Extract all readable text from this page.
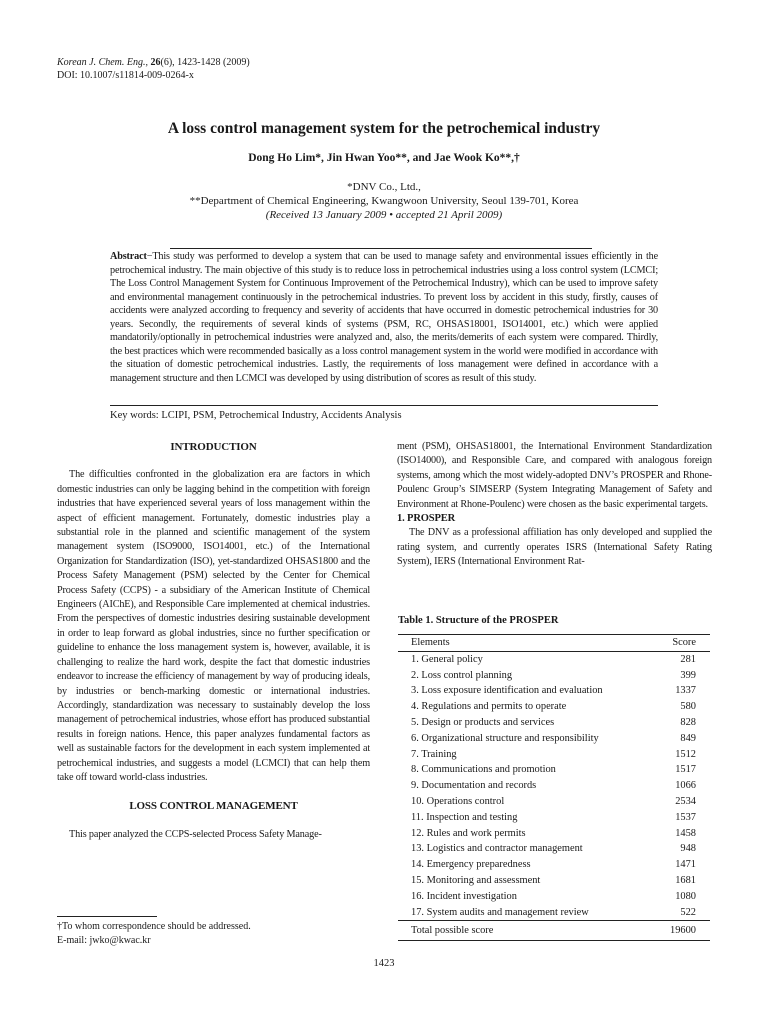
Korean J. Chem. Eng., 26(6), 1423-1428 (2009)
DOI: 10.1007/s11814-009-0264-x
A loss control management system for the petrochemical industry
Dong Ho Lim*, Jin Hwan Yoo**, and Jae Wook Ko**,†
*DNV Co., Ltd.,
**Department of Chemical Engineering, Kwangwoon University, Seoul 139-701, Korea
(Received 13 January 2009 • accepted 21 April 2009)
Abstract−This study was performed to develop a system that can be used to manage safety and environmental issues efficiently in the petrochemical industry. The main objective of this study is to reduce loss in petrochemical industries using a loss control system (LCMCI; The Loss Control Management System for Continuous Improvement of the Petrochemical Industry), which can be used to improve safety and environmental management continuously in the petrochemical industries. To prevent loss by accident in this study, firstly, causes of accidents were analyzed according to frequency and severity of accidents that have occurred in domestic petrochemical industries for 30 years. Secondly, the requirements of several kinds of systems (PSM, RC, OHSAS18001, ISO14001, etc.) which were applied mandatorily/optionally in petrochemical industries were analyzed and, also, the merits/demerits of each system were compared. Thirdly, the best practices which were recommended basically as a loss control management system in the world were modified in accordance with the situation of domestic petrochemical industries. Lastly, the requirements of loss management were defined in accordance with a management structure and then LCMCI was developed by using distribution of scores as result of this study.
Key words: LCIPI, PSM, Petrochemical Industry, Accidents Analysis
INTRODUCTION

The difficulties confronted in the globalization era are factors in which domestic industries can only be lagging behind in the competition with foreign industries that have experienced several years of loss management within the aspect of efficient management. Fortunately, domestic industries play a substantial role in the planned and scientific management of the system management system (ISO9000, ISO14001, etc.) of the International Organization for Standardization (ISO), yet-standardized OHSAS1800 and the Process Safety Management (PSM) selected by the Center for Chemical Process Safety (CCPS) - a subsidiary of the American Institute of Chemical Engineers (AIChE), and Responsible Care implemented at chemical industries. From the perspectives of domestic industries desiring sustainable development in order to leap forward as global industries, since no further specification or guideline to enhance the loss management system is, however, available, it is challenging to realize the hard work, despite the fact that domestic industries endeavor to increase the efficiency of management by way of producing ideals, by industries or bench-marking domestic or international industries. Accordingly, standardization was necessary to sustainably develop the loss management of petrochemical industries, whose effort has produced substantial results in foreign nations. Hence, this paper analyzes fundamental factors as well as sustainable factors for the development in each system implemented at petrochemical industries, and suggests a model (LCMCI) that can help them take off toward world-class industries.

LOSS CONTROL MANAGEMENT

This paper analyzed the CCPS-selected Process Safety Manage-

†To whom correspondence should be addressed.
E-mail: jwko@kwac.kr

ment (PSM), OHSAS18001, the International Environment Standardization (ISO14000), and Responsible Care, and compared with analogous foreign systems, among which the most widely-adopted DNV’s PROSPER and Rhone-Poulenc Group’s SIMSERP (System Integrating Management of Safety and Environment at Rhone-Poulenc) were chosen as the basic experimental targets.

1. PROSPER

The DNV as a professional affiliation has only developed and supplied the rating system, and currently operates ISRS (International Safety Rating System), IERS (International Environment Rat-

Table 1. Structure of the PROSPER
Elements	Score
1. General policy	281
2. Loss control planning	399
3. Loss exposure identification and evaluation	1337
4. Regulations and permits to operate	580
5. Design or products and services	828
6. Organizational structure and responsibility	849
7. Training	1512
8. Communications and promotion	1517
9. Documentation and records	1066
10. Operations control	2534
11. Inspection and testing	1537
12. Rules and work permits	1458
13. Logistics and contractor management	948
14. Emergency preparedness	1471
15. Monitoring and assessment	1681
16. Incident investigation	1080
17. System audits and management review	522
Total possible score	19600
1423
